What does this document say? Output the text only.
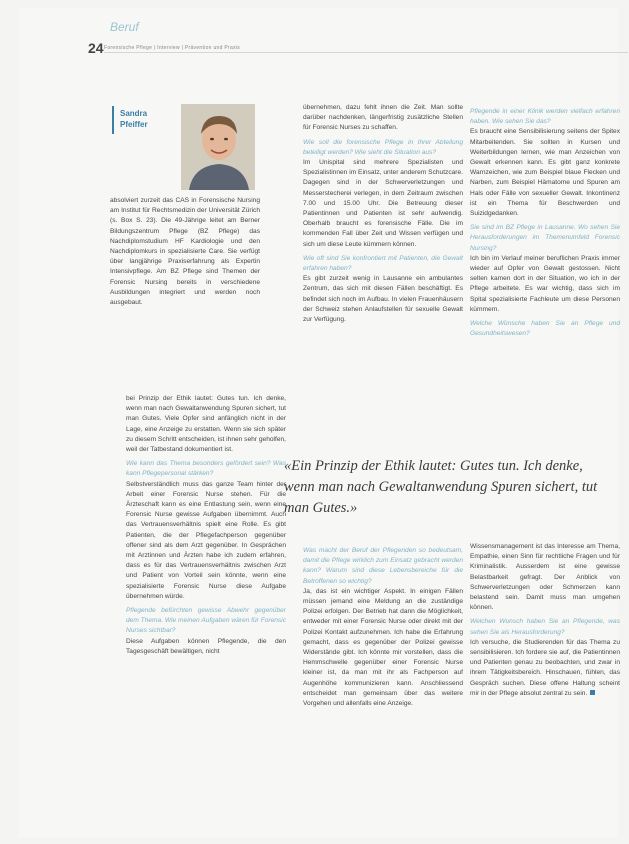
Beruf
24 Forensische Pflege | Interview | Prävention und Praxis
Sandra Pfeiffer

absolviert zurzeit das CAS in Forensische Nursing am Institut für Rechtsmedizin der Universität Zürich (s. Box S. 23). Die 49-Jährige leitet am Berner Bildungszentrum Pflege (BZ Pflege) das Nachdiplomstudium HF Kardiologie und den Nachdiplomkurs in spezialisierte Care. Sie verfügt über langjährige Praxiserfahrung als Expertin Intensivpflege. Am BZ Pflege sind Themen der Forensic Nursing bereits in verschiedene Ausbildungen integriert und werden noch ausgebaut.

bei Prinzip der Ethik lautet: Gutes tun. Ich denke, wenn man nach Gewaltanwendung Spuren sichert, tut man Gutes. Viele Opfer sind anfänglich nicht in der Lage, eine Anzeige zu erstatten. Wenn sie sich später zu diesem Schritt entscheiden, ist ihnen sehr geholfen, weil der Tatbestand dokumentiert ist.

Wie kann das Thema besonders gefördert sein? Was kann Pflegepersonal stärken?

Selbstverständlich muss das ganze Team hinter der Arbeit einer Forensic Nurse stehen. Für die Ärzteschaft kann es eine Entlastung sein, wenn eine Forensic Nurse gewisse Aufgaben übernimmt. Auch das Vertrauensverhältnis spielt eine Rolle. Es gibt Patienten, die der Pflegefachperson gegenüber offener sind als dem Arzt gegenüber. In Gesprächen mit Arztinnen und Ärzten habe ich zudem erfahren, dass es für das Vertrauensverhältnis zwischen Arzt und Patient von Vorteil sein könnte, wenn eine spezialisierte Forensic Nurse diese Aufgabe übernehmen würde.

Pflegende befürchten gewisse Abwehr gegenüber dem Thema. Wie meinen Aufgaben wären für Forensic Nurses sichtbar?

Diese Aufgaben können Pflegende, die den Tagesgeschäft bewältigen, nicht

übernehmen, dazu fehlt ihnen die Zeit. Man sollte darüber nachdenken, längerfristig zusätzliche Stellen für Forensic Nurses zu schaffen.

Wie soll die forensische Pflege in Ihrer Abteilung beteiligt werden? Wie sieht die Situation aus?

Im Unispital sind mehrere Spezialisten und Spezialistinnen im Einsatz, unter anderem Schutzcare. Dagegen sind in der Schwerverletzungen und Messerstecherei verlegen, in dem Zeitraum zwischen 7.00 und 15.00 Uhr. Die Betreuung dieser Patientinnen und Patienten ist sehr aufwendig. Oberhalb braucht es forensische Fälle. Die im kommenden Fall über Zeit und Wissen verfügen und sich um diese Leute kümmern können.

Wie oft sind Sie konfrontiert mit Patienten, die Gewalt erfahren haben?

Es gibt zurzeit wenig in Lausanne ein ambulantes Zentrum, das sich mit diesen Fällen beschäftigt. Es befindet sich noch im Aufbau. In vielen Frauenhäusern der Schweiz stehen Anlaufstellen für sexuelle Gewalt zur Verfügung.

Pflegende in einer Klinik werden vielfach erfahren haben. Wie sehen Sie das?

Es braucht eine Sensibilisierung seitens der Spitex Mitarbeitenden. Sie sollten in Kursen und Weiterbildungen lernen, wie man Anzeichen von Gewalt erkennen kann. Es gibt ganz konkrete Warnzeichen, wie zum Beispiel blaue Flecken und Narben, zum Beispiel Hämatome und Spuren am Hals oder Fälle von sexueller Gewalt. Inkontinenz ist ein Thema für Beschwerden und Suizidgedanken.

Sie sind im BZ Pflege in Lausanne. Wo sehen Sie Herausforderungen im Themenumfeld Forensic Nursing?

Ich bin im Verlauf meiner beruflichen Praxis immer wieder auf Opfer von Gewalt gestossen. Nicht selten kamen dort in der Situation, wo ich in der Pflege arbeitete. Es war wichtig, dass sich im Spital spezialisierte Fachleute um diese Personen kümmern.

Welche Wünsche haben Sie an Pflege und Gesundheitswesen?

«Ein Prinzip der Ethik lautet: Gutes tun. Ich denke, wenn man nach Gewaltanwendung Spuren sichert, tut man Gutes.»

Was macht der Beruf der Pflegenden so bedeutsam, damit die Pflege wirklich zum Einsatz gebracht werden kann? Warum sind diese Lebensbereiche für die Betroffenen so wichtig?

Ja, das ist ein wichtiger Aspekt. In einigen Fällen müssen jemand eine Meldung an die zuständige Polizei erfolgen. Der Betrieb hat dann die Möglichkeit, entweder mit einer Forensic Nurse oder direkt mit der Polizei Kontakt aufzunehmen. Ich habe die Erfahrung gemacht, dass es gegenüber der Polizei gewisse Widerstände gibt. Ich könnte mir vorstellen, dass die Hemmschwelle gegenüber einer Forensic Nurse kleiner ist, da man mit ihr als Fachperson auf Augenhöhe kommunizieren kann. Anschliessend entscheidet man gemeinsam über das weitere Vorgehen und allenfalls eine Anzeige.

Wissensmanagement ist das Interesse am Thema, Empathie, einen Sinn für rechtliche Fragen und für Kriminalistik. Ausserdem ist eine gewisse Belastbarkeit gefragt. Der Anblick von Schwerverletzungen oder Schmerzen kann belastend sein. Damit muss man umgehen können.

Welchen Wunsch haben Sie an Pflegende, was sehen Sie als Herausforderung?

Ich versuche, die Studierenden für das Thema zu sensibilisieren. Ich fordere sie auf, die Patientinnen und Patienten genau zu beobachten, und zwar in ihrem Tätigkeitsbereich. Hinschauen, fühlen, das Gespräch suchen. Diese offene Haltung scheint mir in der Pflege absolut zentral zu sein.
